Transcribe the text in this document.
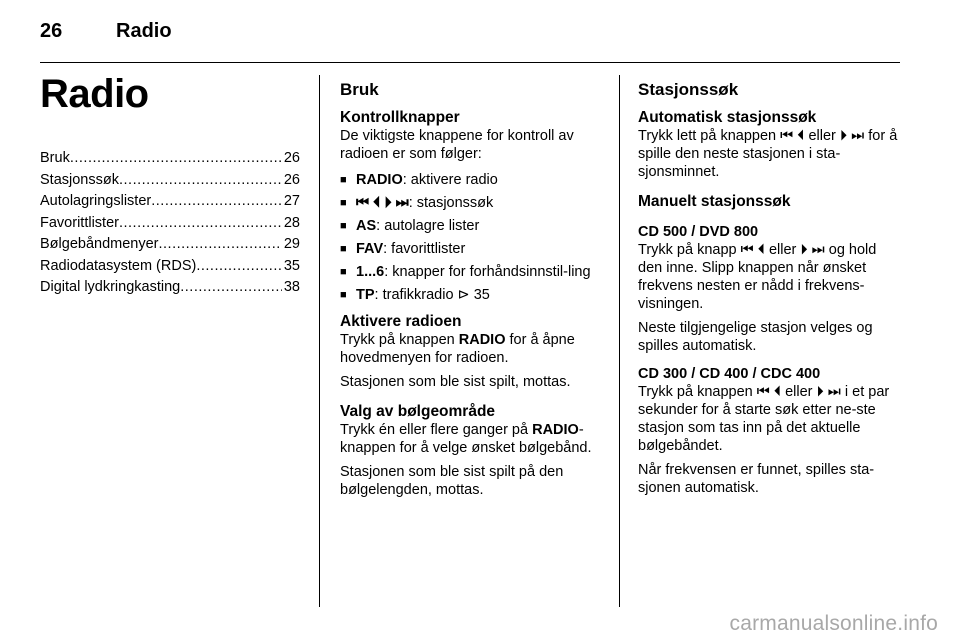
26	Radio
Radio
Bruk .....	26
Stasjonssøk .....	26
Autolagringslister .....	27
Favorittlister .....	28
Bølgebåndmenyer .....	29
Radiodatasystem (RDS) .....	35
Digital lydkringkasting .....	38
Bruk
Kontrollknapper

De viktigste knappene for kontroll av radioen er som følger:

■ RADIO: aktivere radio
■ ⏮ ⏴ ⏵ ⏭: stasjonssøk
■ AS: autolagre lister
■ FAV: favorittlister
■ 1...6: knapper for forhåndsinnstil-ling
■ TP: trafikkradio ⊳ 35
Aktivere radioen

Trykk på knappen RADIO for å åpne hovedmenyen for radioen.

Stasjonen som ble sist spilt, mottas.

Valg av bølgeområde

Trykk én eller flere ganger på RADIO-knappen for å velge ønsket bølgebånd.

Stasjonen som ble sist spilt på den bølgelengden, mottas.

Stasjonssøk
Automatisk stasjonssøk

Trykk lett på knappen ⏮ ⏴ eller ⏵ ⏭ for å spille den neste stasjonen i sta-sjonsminnet.

Manuelt stasjonssøk
CD 500 / DVD 800

Trykk på knapp ⏮ ⏴ eller ⏵ ⏭ og hold den inne. Slipp knappen når ønsket frekvens nesten er nådd i frekvens-visningen.

Neste tilgjengelige stasjon velges og spilles automatisk.

CD 300 / CD 400 / CDC 400

Trykk på knappen ⏮ ⏴ eller ⏵ ⏭ i et par sekunder for å starte søk etter ne-ste stasjon som tas inn på det aktuelle bølgebåndet.

Når frekvensen er funnet, spilles sta-sjonen automatisk.

carmanualsonline.info
